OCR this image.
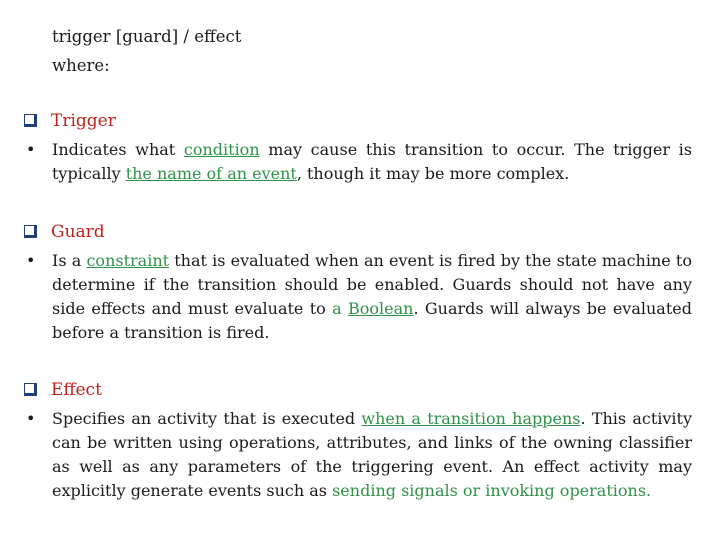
trigger [guard] / effect
where:
Trigger
• Indicates what condition may cause this transition to occur. The trigger is typically the name of an event, though it may be more complex.
Guard
• Is a constraint that is evaluated when an event is fired by the state machine to determine if the transition should be enabled. Guards should not have any side effects and must evaluate to a Boolean. Guards will always be evaluated before a transition is fired.
Effect
• Specifies an activity that is executed when a transition happens. This activity can be written using operations, attributes, and links of the owning classifier as well as any parameters of the triggering event. An effect activity may explicitly generate events such as sending signals or invoking operations.
